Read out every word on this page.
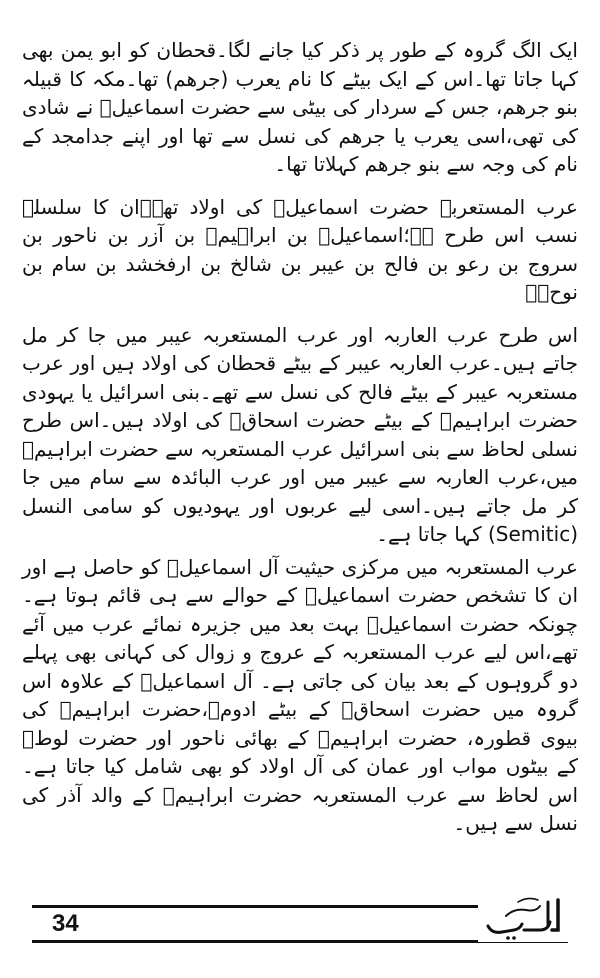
ایک الگ گروہ کے طور پر ذکر کیا جانے لگا۔قحطان کو ابو یمن بھی کہا جاتا تھا۔اس کے ایک بیٹے کا نام یعرب (جرھم) تھا۔مکہ کا قبیلہ بنو جرھم، جس کے سردار کی بیٹی سے حضرت اسماعیلؑ نے شادی کی تھی،اسی یعرب یا جرھم کی نسل سے تھا اور اپنے جدامجد کے نام کی وجہ سے بنو جرھم کہلاتا تھا۔

عرب المستعربہ حضرت اسماعیلؑ کی اولاد تھے۔ان کا سلسلہ نسب اس طرح ہے؛اسماعیلؑ بن ابراہیمؑ بن آزر بن ناحور بن سروج بن رعو بن فالح بن عیبر بن شالخ بن ارفخشد بن سام بن نوحؑ۔

اس طرح عرب العاربہ اور عرب المستعربہ عیبر میں جا کر مل جاتے ہیں۔عرب العاربہ عیبر کے بیٹے قحطان کی اولاد ہیں اور عرب مستعربہ عیبر کے بیٹے فالح کی نسل سے تھے۔بنی اسرائیل یا یہودی حضرت ابراہیمؑ کے بیٹے حضرت اسحاقؑ کی اولاد ہیں۔اس طرح نسلی لحاظ سے بنی اسرائیل عرب المستعربہ سے حضرت ابراہیمؑ میں،عرب العاربہ سے عیبر میں اور عرب البائدہ سے سام میں جا کر مل جاتے ہیں۔اسی لیے عربوں اور یہودیوں کو سامی النسل (Semitic) کہا جاتا ہے۔

عرب المستعربہ میں مرکزی حیثیت آل اسماعیلؑ کو حاصل ہے اور ان کا تشخص حضرت اسماعیلؑ کے حوالے سے ہی قائم ہوتا ہے۔چونکہ حضرت اسماعیلؑ بہت بعد میں جزیرہ نمائے عرب میں آئے تھے،اس لیے عرب المستعربہ کے عروج و زوال کی کہانی بھی پہلے دو گروہوں کے بعد بیان کی جاتی ہے۔ آل اسماعیلؑ کے علاوہ اس گروہ میں حضرت اسحاقؑ کے بیٹے ادومؑ،حضرت ابراہیمؑ کی بیوی قطورہ، حضرت ابراہیمؑ کے بھائی ناحور اور حضرت لوطؑ کے بیٹوں مواب اور عمان کی آل اولاد کو بھی شامل کیا جاتا ہے۔اس لحاظ سے عرب المستعربہ حضرت ابراہیمؑ کے والد آذر کی نسل سے ہیں۔

34
